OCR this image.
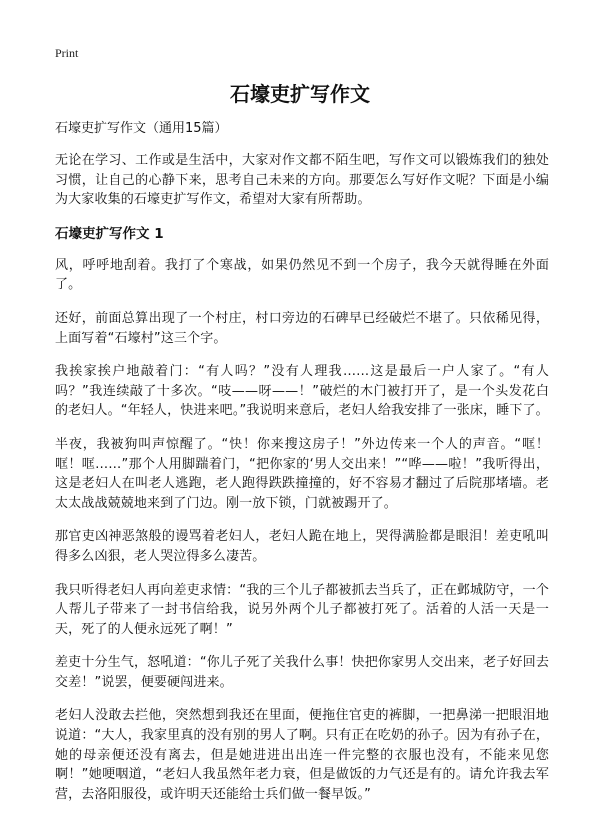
Print
石壕吏扩写作文

石壕吏扩写作文（通用15篇）

无论在学习、工作或是生活中，大家对作文都不陌生吧，写作文可以锻炼我们的独处习惯，让自己的心静下来，思考自己未来的方向。那要怎么写好作文呢？下面是小编为大家收集的石壕吏扩写作文，希望对大家有所帮助。

石壕吏扩写作文 1

风，呼呼地刮着。我打了个寒战，如果仍然见不到一个房子，我今天就得睡在外面了。

还好，前面总算出现了一个村庄，村口旁边的石碑早已经破烂不堪了。只依稀见得，上面写着“石壕村”这三个字。

我挨家挨户地敲着门：“有人吗？”没有人理我……这是最后一户人家了。“有人吗？”我连续敲了十多次。“吱——呀——！”破烂的木门被打开了，是一个头发花白的老妇人。“年轻人，快进来吧。”我说明来意后，老妇人给我安排了一张床，睡下了。

半夜，我被狗叫声惊醒了。“快！你来搜这房子！”外边传来一个人的声音。“哐！哐！哐……”那个人用脚踹着门，“把你家的‘男人交出来！”“哗——啦！”我听得出，这是老妇人在叫老人逃跑，老人跑得跌跌撞撞的，好不容易才翻过了后院那堵墙。老太太战战兢兢地来到了门边。刚一放下锁，门就被踢开了。

那官吏凶神恶煞般的谩骂着老妇人，老妇人跪在地上，哭得满脸都是眼泪！差吏吼叫得多么凶狠，老人哭泣得多么凄苦。

我只听得老妇人再向差吏求情：“我的三个儿子都被抓去当兵了，正在邺城防守，一个人帮儿子带来了一封书信给我，说另外两个儿子都被打死了。活着的人活一天是一天，死了的人便永远死了啊！”

差吏十分生气，怒吼道：“你儿子死了关我什么事！快把你家男人交出来，老子好回去交差！”说罢，便要硬闯进来。

老妇人没敢去拦他，突然想到我还在里面，便拖住官吏的裤脚，一把鼻涕一把眼泪地说道：“大人，我家里真的没有别的男人了啊。只有正在吃奶的孙子。因为有孙子在，她的母亲便还没有离去，但是她进进出出连一件完整的衣服也没有，不能来见您啊！”她哽咽道，“老妇人我虽然年老力衰，但是做饭的力气还是有的。请允许我去军营，去洛阳服役，或许明天还能给士兵们做一餐早饭。”
